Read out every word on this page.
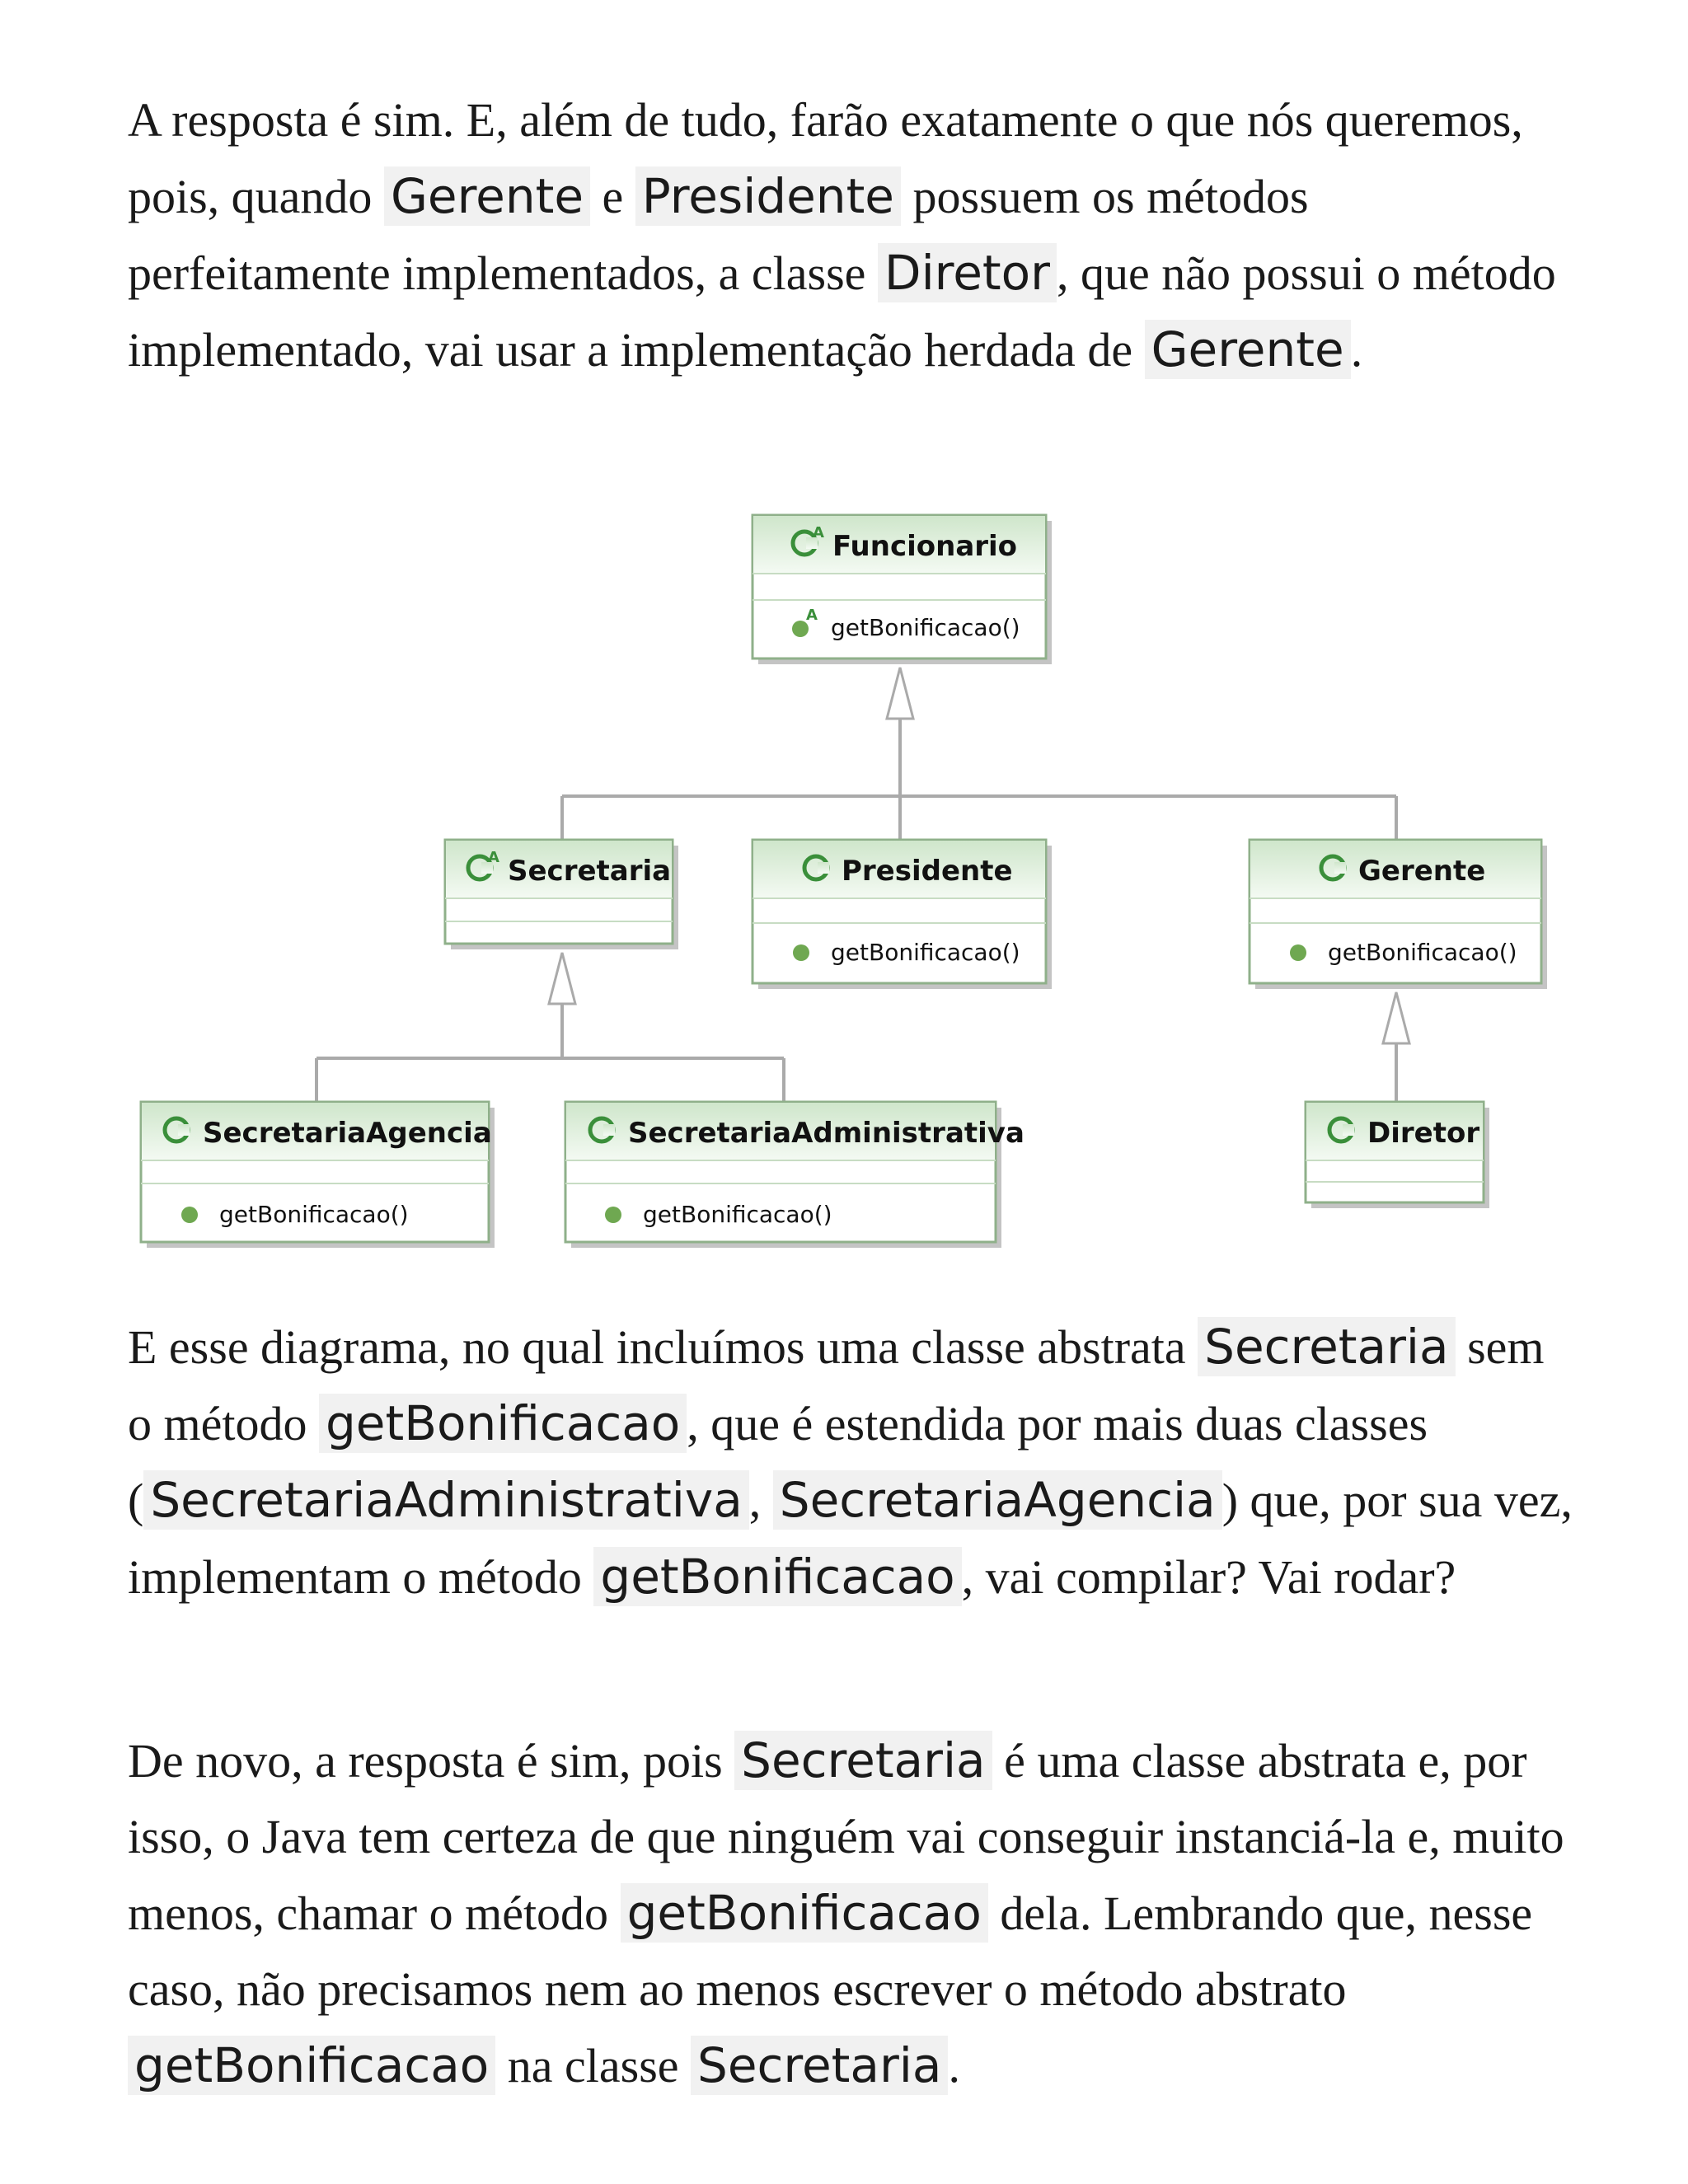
A resposta é sim. E, além de tudo, farão exatamente o que nós queremos, pois, quando Gerente e Presidente possuem os métodos perfeitamente implementados, a classe Diretor , que não possui o método implementado, vai usar a implementação herdada de Gerente .

A Funcionario
A getBonificacao()
A Secretaria	Presidente
getBonificacao()
Gerente
getBonificacao()
SecretariaAgencia
getBonificacao()
SecretariaAdministrativa
getBonificacao()
Diretor

E esse diagrama, no qual incluímos uma classe abstrata Secretaria sem o método getBonificacao , que é estendida por mais duas classes ( SecretariaAdministrativa , SecretariaAgencia ) que, por sua vez, implementam o método getBonificacao , vai compilar? Vai rodar?

De novo, a resposta é sim, pois Secretaria é uma classe abstrata e, por isso, o Java tem certeza de que ninguém vai conseguir instanciá-la e, muito menos, chamar o método getBonificacao dela. Lembrando que, nesse caso, não precisamos nem ao menos escrever o método abstrato getBonificacao na classe Secretaria .
